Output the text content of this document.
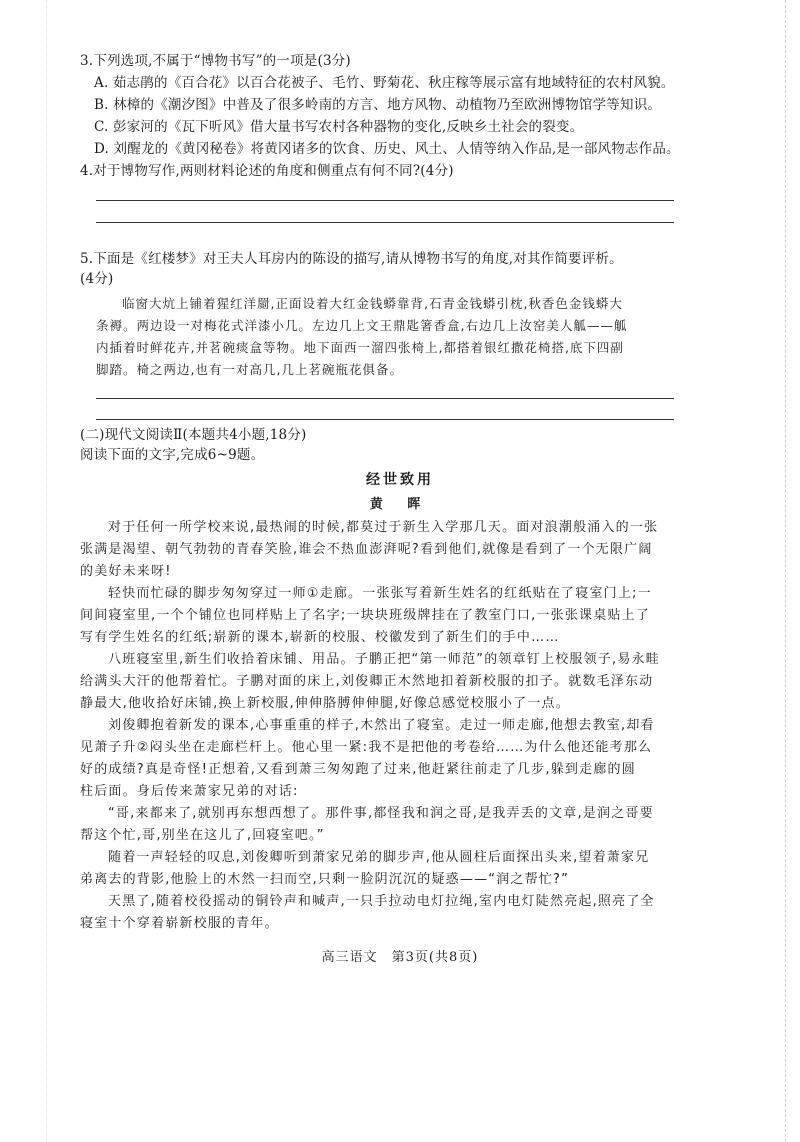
3.下列选项,不属于“博物书写”的一项是(3分)
A. 茹志鹃的《百合花》以百合花被子、毛竹、野菊花、秋庄稼等展示富有地域特征的农村风貌。
B. 林樟的《潮汐图》中普及了很多岭南的方言、地方风物、动植物乃至欧洲博物馆学等知识。
C. 彭家河的《瓦下听风》借大量书写农村各种器物的变化,反映乡土社会的裂变。
D. 刘醒龙的《黄冈秘卷》将黄冈诸多的饮食、历史、风土、人情等纳入作品,是一部风物志作品。
4.对于博物写作,两则材料论述的角度和侧重点有何不同?(4分)
5.下面是《红楼梦》对王夫人耳房内的陈设的描写,请从博物书写的角度,对其作简要评析。
(4分)
临窗大炕上铺着猩红洋罽,正面设着大红金钱蟒靠背,石青金钱蟒引枕,秋香色金钱蟒大
条褥。两边设一对梅花式洋漆小几。左边几上文王鼎匙箸香盒,右边几上汝窑美人觚——觚
内插着时鲜花卉,并茗碗痰盒等物。地下面西一溜四张椅上,都搭着银红撒花椅搭,底下四副
脚踏。椅之两边,也有一对高几,几上茗碗瓶花俱备。
(二)现代文阅读Ⅱ(本题共4小题,18分)
阅读下面的文字,完成6~9题。
经世致用
黄 晖
对于任何一所学校来说,最热闹的时候,都莫过于新生入学那几天。面对浪潮般涌入的一张
张满是渴望、朝气勃勃的青春笑脸,谁会不热血澎湃呢?看到他们,就像是看到了一个无限广阔
的美好未来呀!
轻快而忙碌的脚步匆匆穿过一师①走廊。一张张写着新生姓名的红纸贴在了寝室门上;一
间间寝室里,一个个铺位也同样贴上了名字;一块块班级牌挂在了教室门口,一张张课桌贴上了
写有学生姓名的红纸;崭新的课本,崭新的校服、校徽发到了新生们的手中……
八班寝室里,新生们收拾着床铺、用品。子鹏正把“第一师范”的领章钉上校服领子,易永畦
给满头大汗的他帮着忙。子鹏对面的床上,刘俊卿正木然地扣着新校服的扣子。就数毛泽东动
静最大,他收拾好床铺,换上新校服,伸伸胳膊伸伸腿,好像总感觉校服小了一点。
刘俊卿抱着新发的课本,心事重重的样子,木然出了寝室。走过一师走廊,他想去教室,却看
见萧子升②闷头坐在走廊栏杆上。他心里一紧:我不是把他的考卷给……为什么他还能考那么
好的成绩?真是奇怪!正想着,又看到萧三匆匆跑了过来,他赶紧往前走了几步,躲到走廊的圆
柱后面。身后传来萧家兄弟的对话:
“哥,来都来了,就别再东想西想了。那件事,都怪我和润之哥,是我弄丢的文章,是润之哥要
帮这个忙,哥,别坐在这儿了,回寝室吧。”
随着一声轻轻的叹息,刘俊卿听到萧家兄弟的脚步声,他从圆柱后面探出头来,望着萧家兄
弟离去的背影,他脸上的木然一扫而空,只剩一脸阴沉沉的疑惑——“润之帮忙?”
天黑了,随着校役摇动的铜铃声和喊声,一只手拉动电灯拉绳,室内电灯陡然亮起,照亮了全
寝室十个穿着崭新校服的青年。
高三语文　第3页(共8页)
